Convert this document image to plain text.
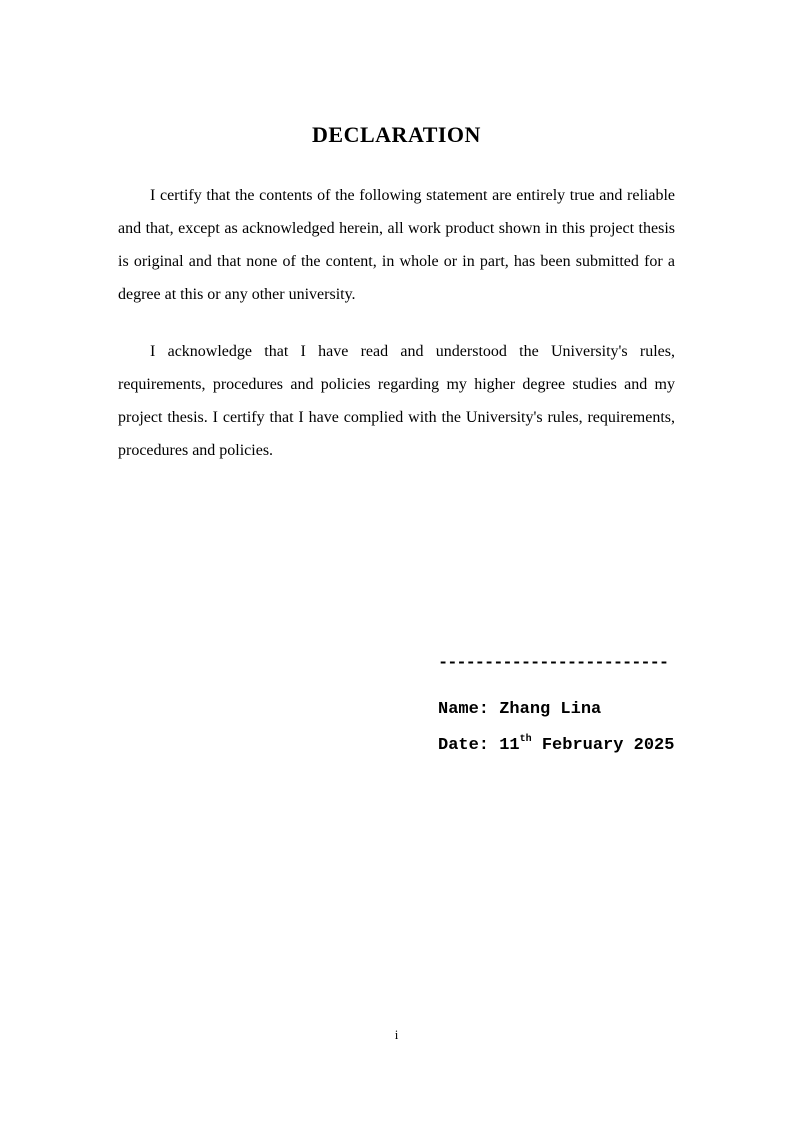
DECLARATION
I certify that the contents of the following statement are entirely true and reliable
and that, except as acknowledged herein, all work product shown in this project thesis
is original and that none of the content, in whole or in part, has been submitted for a
degree at this or any other university.
I acknowledge that I have read and understood the University's rules,
requirements, procedures and policies regarding my higher degree studies and my
project thesis. I certify that I have complied with the University's rules, requirements,
procedures and policies.
-------------------------
Name: Zhang Lina
Date: 11th February 2025
i
